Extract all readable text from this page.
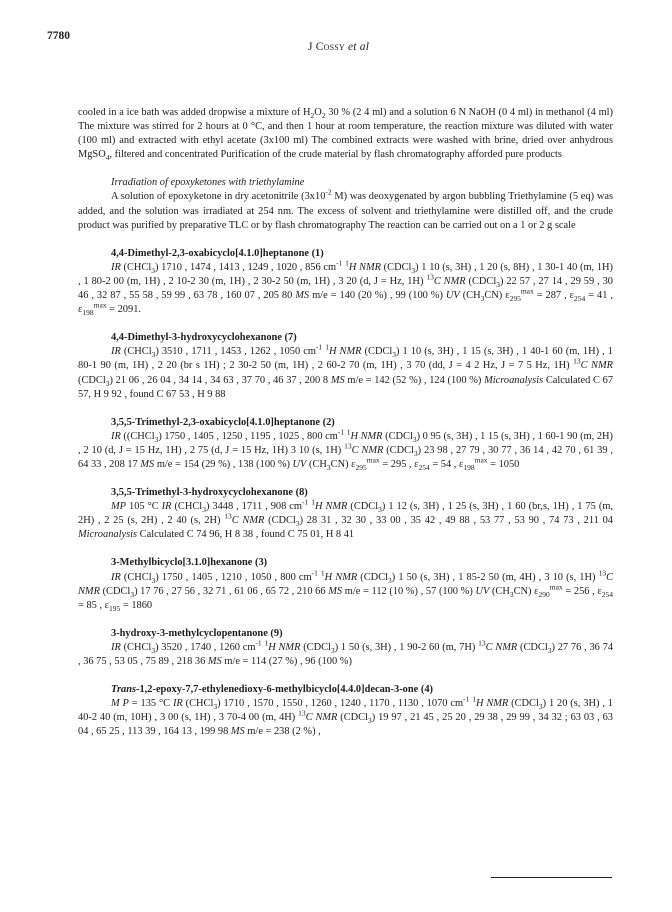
7780
J Cossy et al

cooled in a ice bath was added dropwise a mixture of $H_2O_2$ 30 % (2 4 ml) and a solution 6 N NaOH (0 4 ml) in methanol (4 ml) The mixture was stirred for 2 hours at 0 °C, and then 1 hour at room temperature, the reaction mixture was diluted with water (100 ml) and extracted with ethyl acetate (3x100 ml) The combined extracts were washed with brine, dried over anhydrous MgSO$_4$, filtered and concentrated Purification of the crude material by flash chromatography afforded pure products

Irradiation of epoxyketones with triethylamine

A solution of epoxyketone in dry acetonitrile ($3x10^{-2}$ M) was deoxygenated by argon bubbling Triethylamine (5 eq) was added, and the solution was irradiated at 254 nm. The excess of solvent and triethylamine were distilled off, and the crude product was purified by preparative TLC or by flash chromatography The reaction can be carried out on a 1 or 2 g scale

4,4-Dimethyl-2,3-oxabicyclo[4.1.0]heptanone (1)
IR (CHCl$_3$) 1710 , 1474 , 1413 , 1249 , 1020 , 856 $cm^{-1}$ $^1$H NMR (CDCl$_3$) 1 10 (s, 3H) , 1 20 (s, 8H) , 1 30-1 40 (m, 1H) , 1 80-2 00 (m, 1H) , 2 10-2 30 (m, 1H) , 2 30-2 50 (m, 1H) , 3 20 (d, J = Hz, 1H) $^{13}$C NMR (CDCl$_3$) 22 57 , 27 14 , 29 59 , 30 46 , 32 87 , 55 58 , 59 99 , 63 78 , 160 07 , 205 80 MS m/e = 140 (20 %) , 99 (100 %) UV $(CH_3CN) \varepsilon_{295}^{max} = 287$ , $\varepsilon_{254} = 41$ , $\varepsilon_{198}^{max} = 2091$.
4,4-Dimethyl-3-hydroxycyclohexanone (7)
IR (CHCl$_3$) 3510 , 1711 , 1453 , 1262 , 1050 $cm^{-1}$ $^1$H NMR (CDCl$_3$) 1 10 (s, 3H) , 1 15 (s, 3H) , 1 40-1 60 (m, 1H) , 1 80-1 90 (m, 1H) , 2 20 (br s 1H) ; 2 30-2 50 (m, 1H) , 2 60-2 70 (m, 1H) , 3 70 (dd, J = 4 2 Hz, J = 7 5 Hz, 1H) $^{13}$C NMR (CDCl$_3$) 21 06 , 26 04 , 34 14 , 34 63 , 37 70 , 46 37 , 200 8 MS m/e = 142 (52 %) , 124 (100 %) Microanalysis Calculated C 67 57, H 9 92 , found C 67 53 , H 9 88
3,5,5-Trimethyl-2,3-oxabicyclo[4.1.0]heptanone (2)
IR ((CHCl$_3$) 1750 , 1405 , 1250 , 1195 , 1025 , 800 $cm^{-1}$ $^1$H NMR (CDCl$_3$) 0 95 (s, 3H) , 1 15 (s, 3H) , 1 60-1 90 (m, 2H) , 2 10 (d, J = 15 Hz, 1H) , 2 75 (d, J = 15 Hz, 1H) 3 10 (s, 1H) $^{13}$C NMR (CDCl$_3$) 23 98 , 27 79 , 30 77 , 36 14 , 42 70 , 61 39 , 64 33 , 208 17 MS m/e = 154 (29 %) , 138 (100 %) UV $(CH_3CN) \varepsilon_{295}^{max} = 295$ , $\varepsilon_{254} = 54$ , $\varepsilon_{198}^{max} = 1050$
3,5,5-Trimethyl-3-hydroxycyclohexanone (8)
MP 105 °C IR (CHCl$_3$) 3448 , 1711 , 908 $cm^{-1}$ $^1$H NMR (CDCl$_3$) 1 12 (s, 3H) , 1 25 (s, 3H) , 1 60 (br,s, 1H) , 1 75 (m, 2H) , 2 25 (s, 2H) , 2 40 (s, 2H) $^{13}$C NMR (CDCl$_3$) 28 31 , 32 30 , 33 00 , 35 42 , 49 88 , 53 77 , 53 90 , 74 73 , 211 04 Microanalysis Calculated C 74 96, H 8 38 , found C 75 01, H 8 41
3-Methylbicyclo[3.1.0]hexanone (3)
IR (CHCl$_3$) 1750 , 1405 , 1210 , 1050 , 800 $cm^{-1}$ $^1$H NMR (CDCl$_3$) 1 50 (s, 3H) , 1 85-2 50 (m, 4H) , 3 10 (s, 1H) $^{13}$C NMR (CDCl$_3$) 17 76 , 27 56 , 32 71 , 61 06 , 65 72 , 210 66 MS m/e = 112 (10 %) , 57 (100 %) UV $(CH_3CN) \varepsilon_{290}^{max} = 256$ , $\varepsilon_{254} = 85$ , $\varepsilon_{195} = 1860$
3-hydroxy-3-methylcyclopentanone (9)
IR (CHCl$_3$) 3520 , 1740 , 1260 $cm^{-1}$ $^1$H NMR (CDCl$_3$) 1 50 (s, 3H) , 1 90-2 60 (m, 7H) $^{13}$C NMR (CDCl$_3$) 27 76 , 36 74 , 36 75 , 53 05 , 75 89 , 218 36 MS m/e = 114 (27 %) , 96 (100 %)
Trans-1,2-epoxy-7,7-ethylenedioxy-6-methylbicyclo[4.4.0]decan-3-one (4)
M P = 135 °C IR (CHCl$_3$) 1710 , 1570 , 1550 , 1260 , 1240 , 1170 , 1130 , 1070 $cm^{-1}$ $^1$H NMR (CDCl$_3$) 1 20 (s, 3H) , 1 40-2 40 (m, 10H) , 3 00 (s, 1H) , 3 70-4 00 (m, 4H) $^{13}$C NMR (CDCl$_3$) 19 97 , 21 45 , 25 20 , 29 38 , 29 99 , 34 32 ; 63 03 , 63 04 , 65 25 , 113 39 , 164 13 , 199 98 MS m/e = 238 (2 %) ,
